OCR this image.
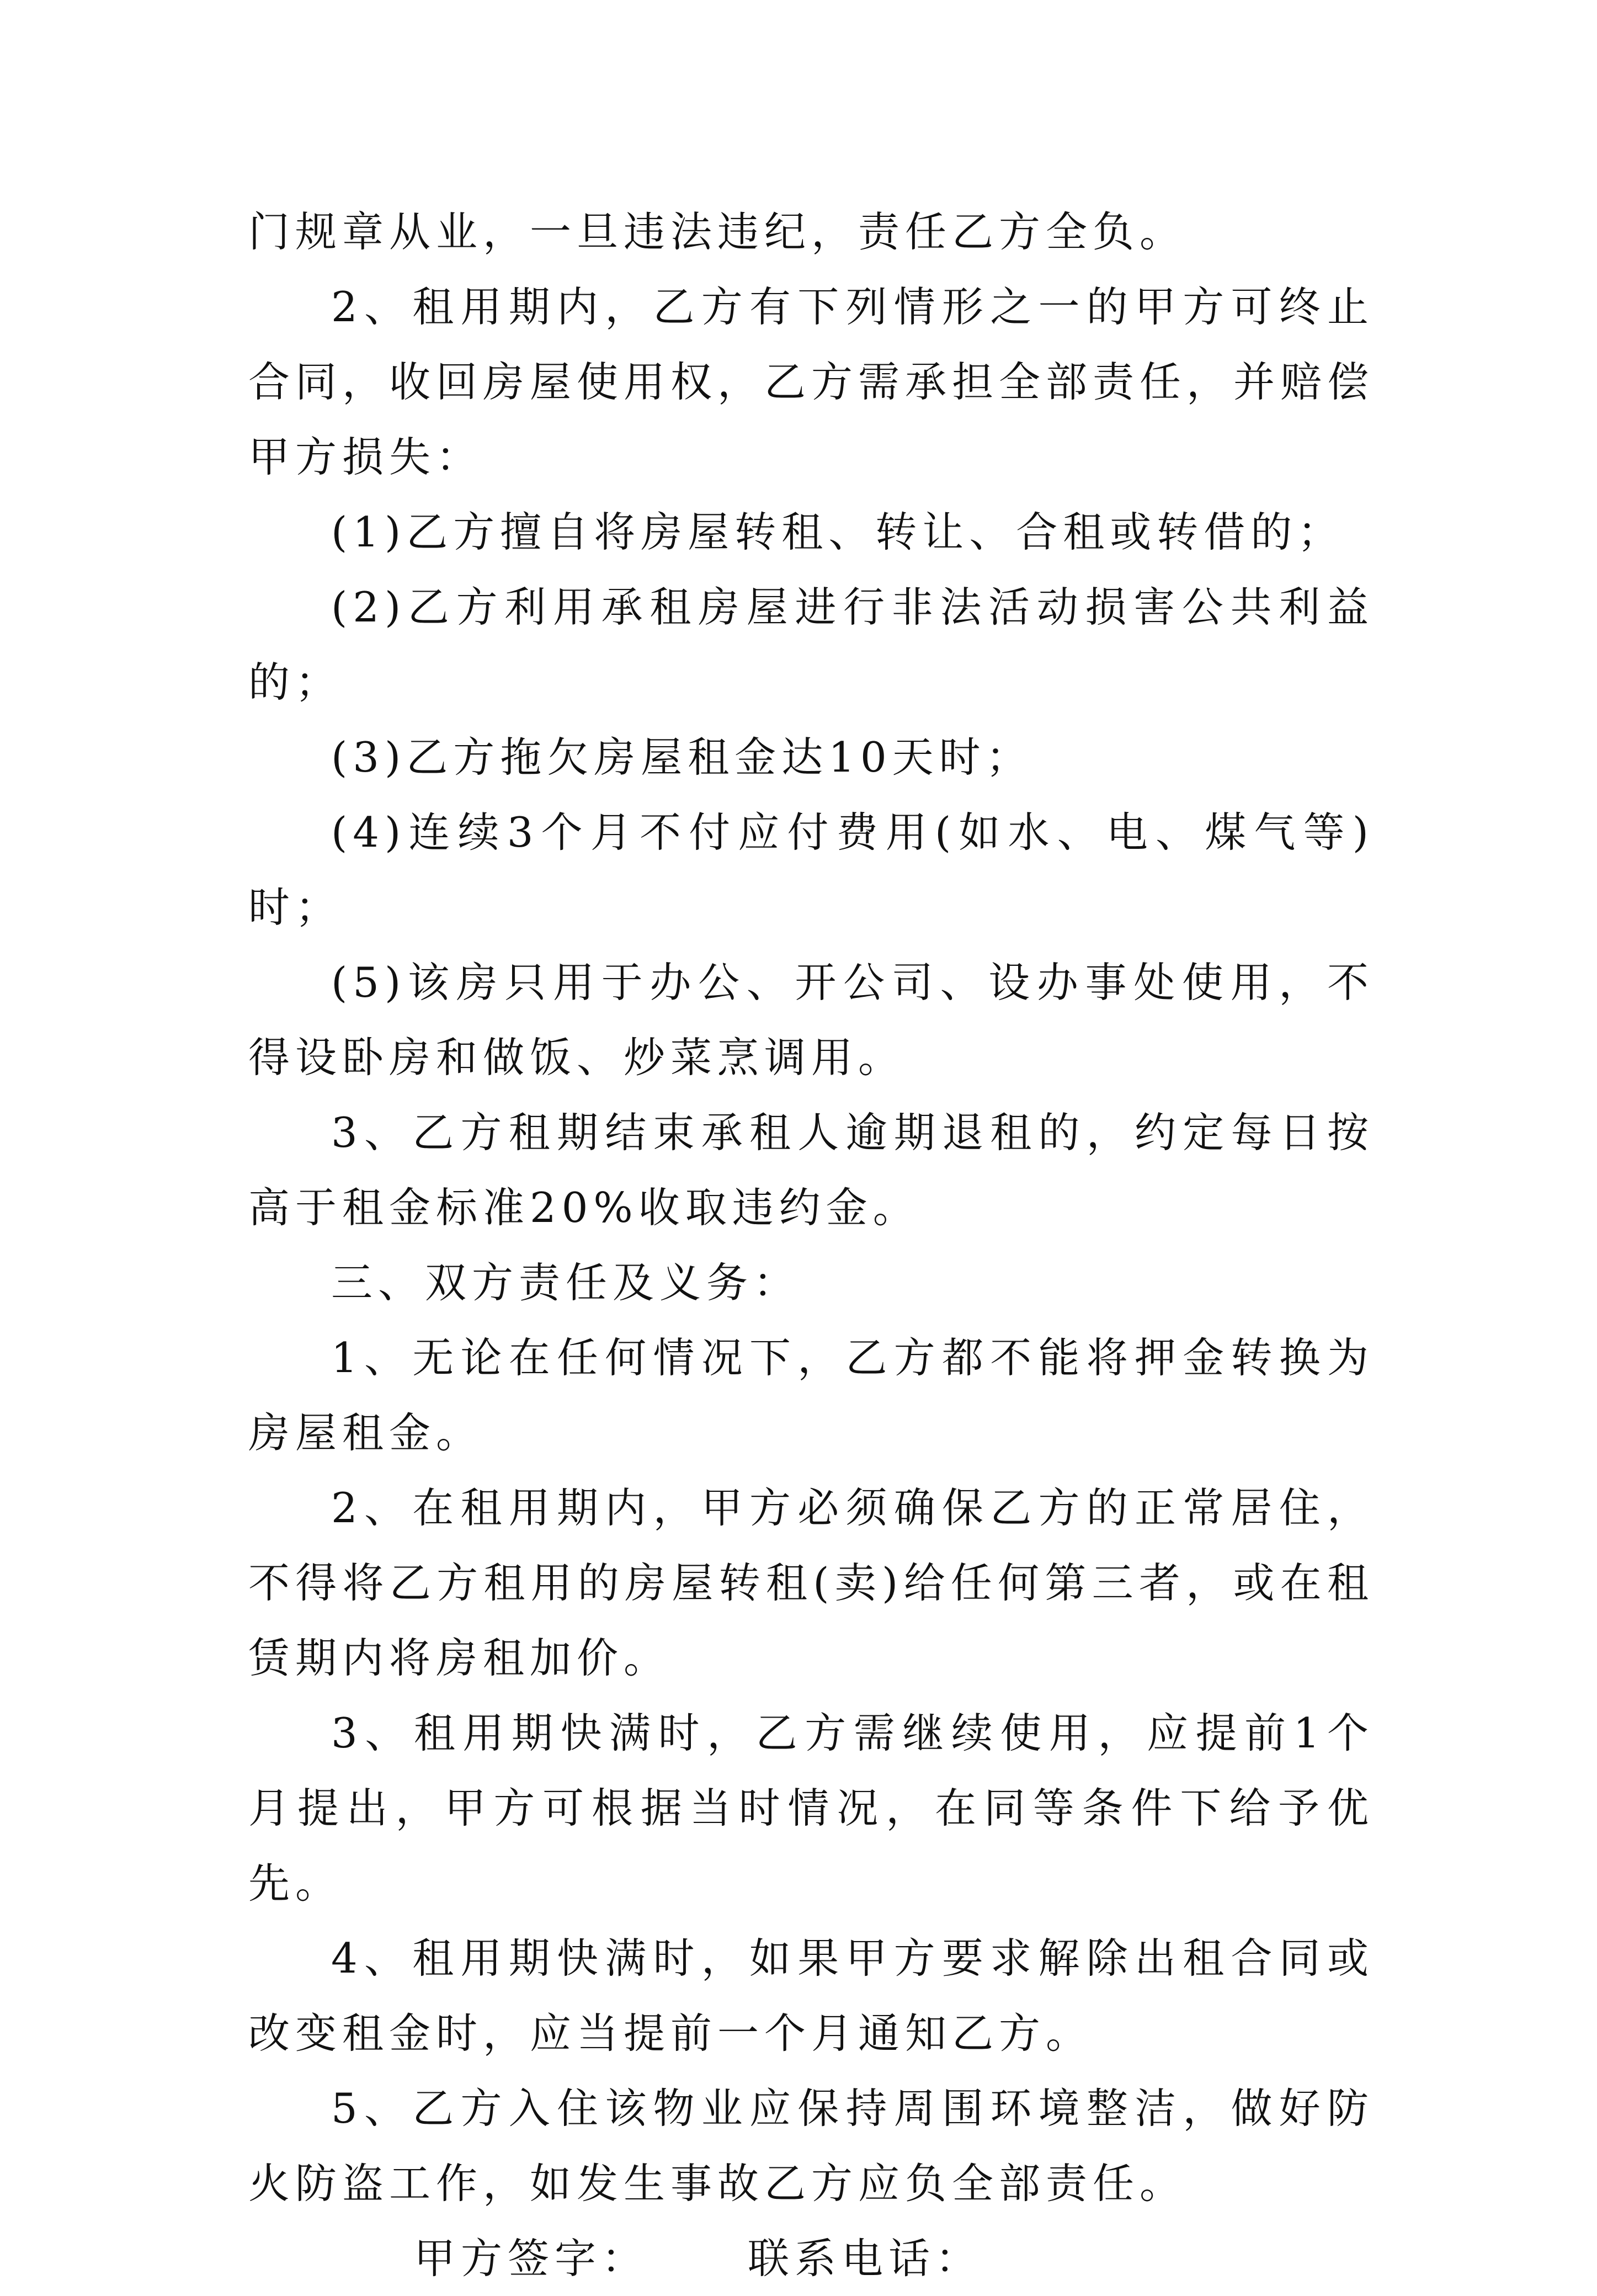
门规章从业，一旦违法违纪，责任乙方全负。

2、租用期内，乙方有下列情形之一的甲方可终止合同，收回房屋使用权，乙方需承担全部责任，并赔偿甲方损失：

(1)乙方擅自将房屋转租、转让、合租或转借的；

(2)乙方利用承租房屋进行非法活动损害公共利益的；

(3)乙方拖欠房屋租金达10天时；

(4)连续3个月不付应付费用(如水、电、煤气等)时；

(5)该房只用于办公、开公司、设办事处使用，不得设卧房和做饭、炒菜烹调用。

3、乙方租期结束承租人逾期退租的，约定每日按高于租金标准20%收取违约金。

三、双方责任及义务：

1、无论在任何情况下，乙方都不能将押金转换为房屋租金。

2、在租用期内，甲方必须确保乙方的正常居住，不得将乙方租用的房屋转租(卖)给任何第三者，或在租赁期内将房租加价。

3、租用期快满时，乙方需继续使用，应提前1个月提出，甲方可根据当时情况，在同等条件下给予优先。

4、租用期快满时，如果甲方要求解除出租合同或改变租金时，应当提前一个月通知乙方。

5、乙方入住该物业应保持周围环境整洁，做好防火防盗工作，如发生事故乙方应负全部责任。

甲方签字： 联系电话：
